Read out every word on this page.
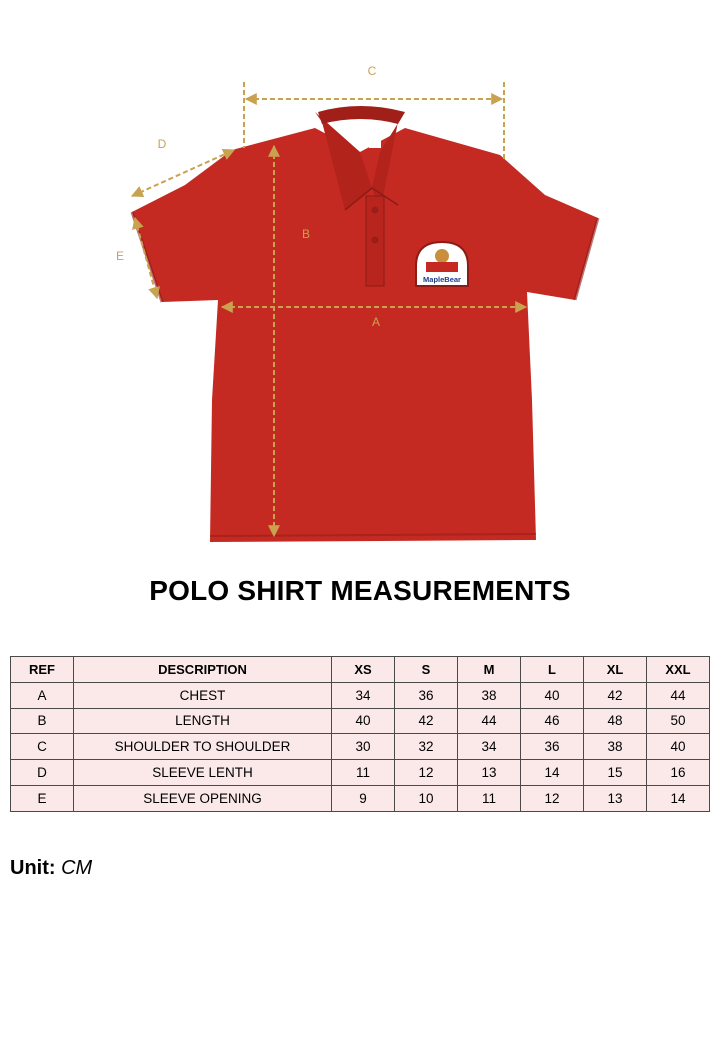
MapleBear
C
D
E
B
A
POLO SHIRT MEASUREMENTS
REF	DESCRIPTION	XS	S	M	L	XL	XXL
A	CHEST	34	36	38	40	42	44
B	LENGTH	40	42	44	46	48	50
C	SHOULDER TO SHOULDER	30	32	34	36	38	40
D	SLEEVE LENTH	11	12	13	14	15	16
E	SLEEVE OPENING	9	10	11	12	13	14
Unit: CM
